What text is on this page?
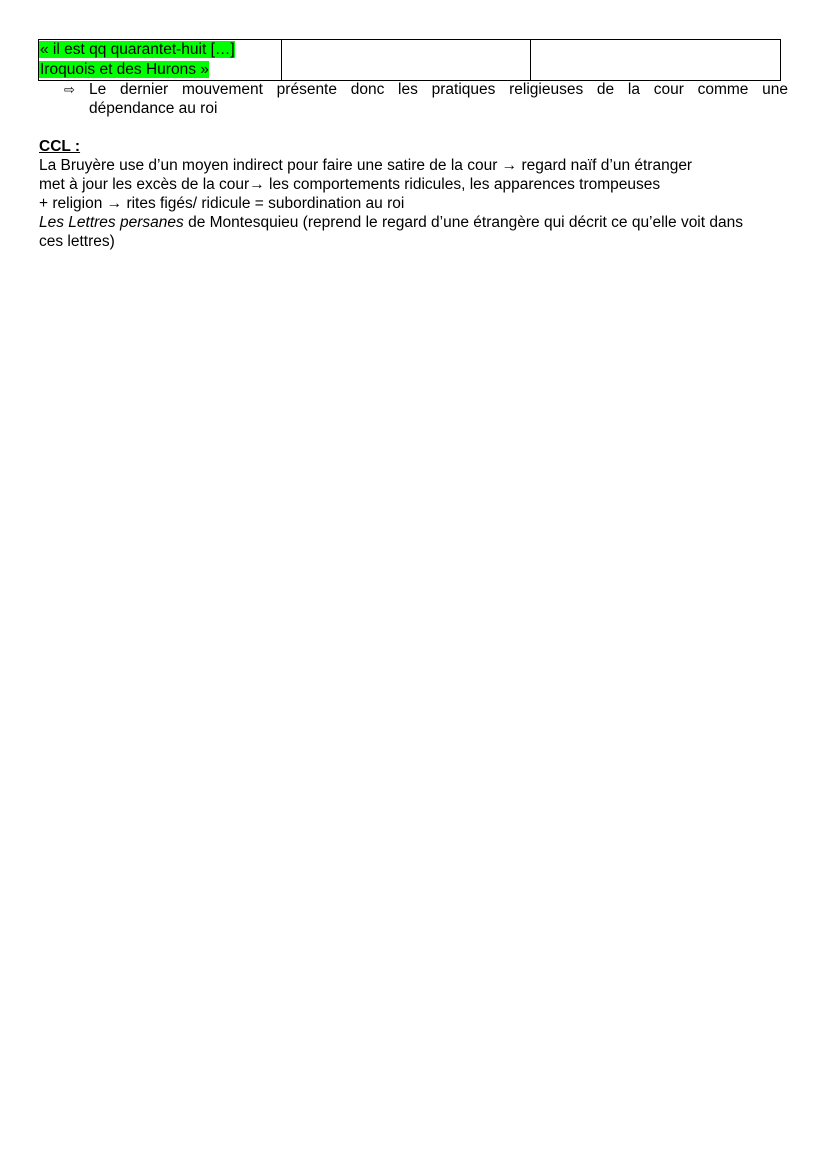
« il est qq quarantet-huit […]
Iroquois et des Hurons »

⇨ Le dernier mouvement présente donc les pratiques religieuses de la cour comme une
dépendance au roi
CCL :
La Bruyère use d’un moyen indirect pour faire une satire de la cour → regard naïf d’un étranger
met à jour les excès de la cour→ les comportements ridicules, les apparences trompeuses
+ religion → rites figés/ ridicule = subordination au roi
Les Lettres persanes de Montesquieu (reprend le regard d’une étrangère qui décrit ce qu’elle voit dans
ces lettres)
